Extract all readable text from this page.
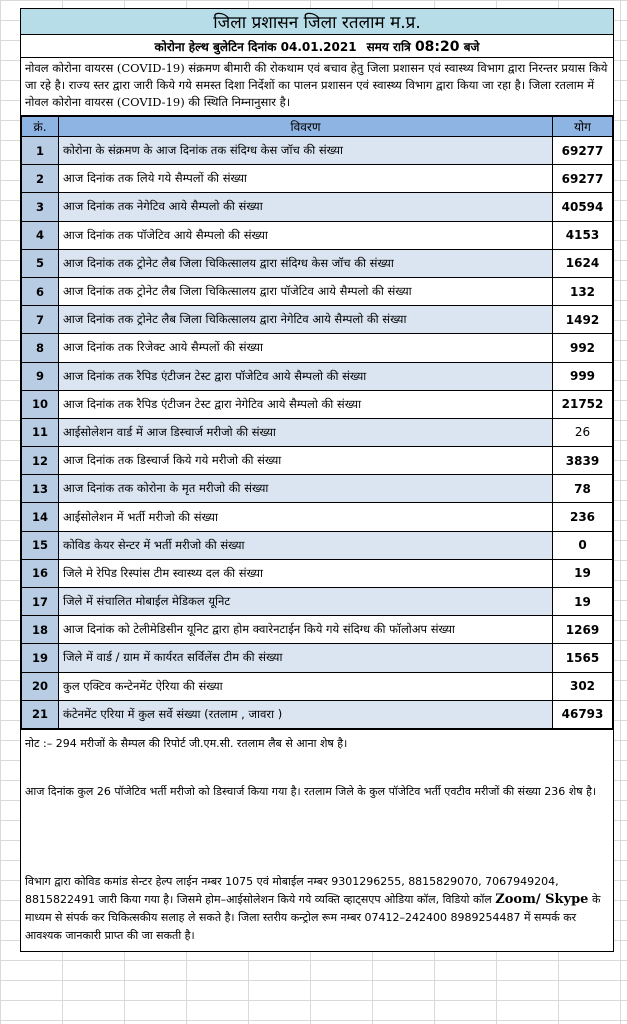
जिला प्रशासन जिला रतलाम म.प्र.
कोरोना हेल्थ बुलेटिन दिनांक 04.01.2021 समय रात्रि 08:20 बजे
नोवल कोरोना वायरस (COVID-19) संक्रमण बीमारी की रोकथाम एवं बचाव हेतु जिला प्रशासन एवं स्वास्थ्य विभाग द्वारा निरन्तर प्रयास किये जा रहे है। राज्य स्तर द्वारा जारी किये गये समस्त दिशा निर्देशों का पालन प्रशासन एवं स्वास्थ्य विभाग द्वारा किया जा रहा है। जिला रतलाम में नोवल कोरोना वायरस (COVID-19) की स्थिति निम्नानुसार है।
क्रं.	विवरण	योग
1	कोरोना के संक्रमण के आज दिनांक तक संदिग्ध केस जॉच की संख्या	69277
2	आज दिनांक तक लिये गये सैम्पलों की संख्या	69277
3	आज दिनांक तक नेगेटिव आये सैम्पलो की संख्या	40594
4	आज दिनांक तक पॉजेटिव आये सैम्पलो की संख्या	4153
5	आज दिनांक तक ट्रोनेट लैब जिला चिकित्सालय द्वारा संदिग्ध केस जॉच की संख्या	1624
6	आज दिनांक तक ट्रोनेट लैब जिला चिकित्सालय द्वारा पॉजेटिव आये सैम्पलो की संख्या	132
7	आज दिनांक तक ट्रोनेट लैब जिला चिकित्सालय द्वारा नेगेटिव आये सैम्पलो की संख्या	1492
8	आज दिनांक तक रिजेक्ट आये सैम्पलों की संख्या	992
9	आज दिनांक तक रैपिड एंटीजन टेस्ट द्वारा पॉजेटिव आये सैम्पलो की संख्या	999
10	आज दिनांक तक रैपिड एंटीजन टेस्ट द्वारा नेगेटिव आये सैम्पलो की संख्या	21752
11	आईसोलेशन वार्ड में आज डिस्चार्ज मरीजो की संख्या	26
12	आज दिनांक तक डिस्चार्ज किये गये मरीजो की संख्या	3839
13	आज दिनांक तक कोरोना के मृत मरीजो की संख्या	78
14	आईसोलेशन में भर्ती मरीजो की संख्या	236
15	कोविड केयर सेन्टर में भर्ती मरीजो की संख्या	0
16	जिले मे रेपिड रिस्पांस टीम स्वास्थ्य दल की संख्या	19
17	जिले में संचालित मोबाईल मेडिकल यूनिट	19
18	आज दिनांक को टेलीमेडिसीन यूनिट द्वारा होम क्वारेनटाईन किये गये संदिग्ध की फॉलोअप संख्या	1269
19	जिले में वार्ड / ग्राम में कार्यरत सर्विलेंस टीम की संख्या	1565
20	कुल एक्टिव कन्टेनमेंट ऐरिया की संख्या	302
21	कंटेनमेंट एरिया में कुल सर्वे संख्या (रतलाम , जावरा )	46793
नोट :– 294 मरीजों के सैम्पल की रिपोर्ट जी.एम.सी. रतलाम लैब से आना शेष है।
आज दिनांक कुल 26 पॉजेटिव भर्ती मरीजो को डिस्चार्ज किया गया है। रतलाम जिले के कुल पॉजेटिव भर्ती एवटीव मरीजों की संख्या 236 शेष है।
विभाग द्वारा कोविड कमांड सेन्टर हेल्प लाईन नम्बर 1075 एवं मोबाईल नम्बर 9301296255, 8815829070, 7067949204, 8815822491 जारी किया गया है। जिसमे होम–आईसोलेशन किये गये व्यक्ति व्हाट्सएप ओडिया कॉल, विडियो कॉल Zoom/ Skype के माध्यम से संपर्क कर चिकित्सकीय सलाह ले सकते है। जिला स्तरीय कन्ट्रोल रूम नम्बर 07412–242400 8989254487 में सम्पर्क कर आवश्यक जानकारी प्राप्त की जा सकती है।
